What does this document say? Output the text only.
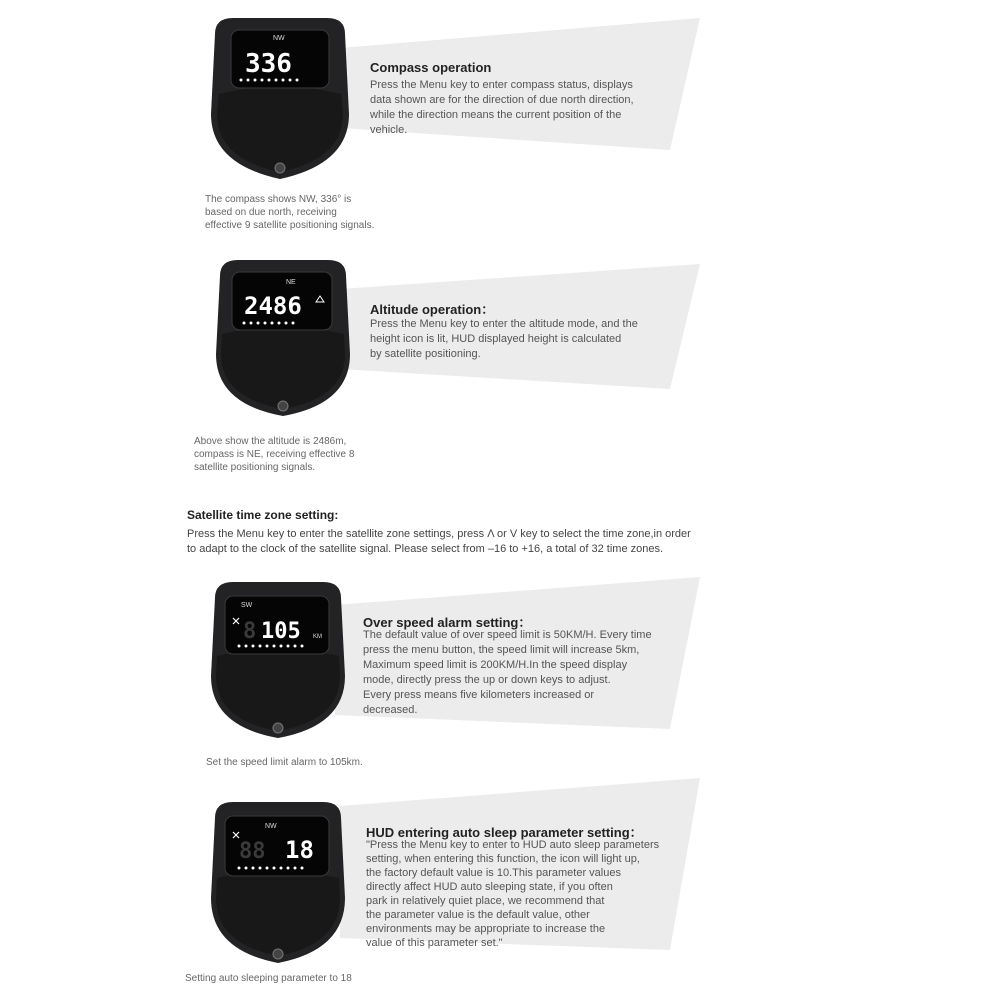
Compass operation
Press the Menu key to enter compass status, displays
data shown are for the direction of due north direction,
while the direction means the current position of the
vehicle.
NW
336
The compass shows NW, 336° is
based on due north, receiving
effective 9 satellite positioning signals.
Altitude operation：
Press the Menu key to enter the altitude mode, and the
height icon is lit, HUD displayed height is calculated
by satellite positioning.
NE
2486
Above show the altitude is 2486m,
compass is NE, receiving effective 8
satellite positioning signals.
Satellite time zone setting:
Press the Menu key to enter the satellite zone settings, press Λ or V key to select the time zone,in order
to adapt to the clock of the satellite signal. Please select from –16 to +16, a total of 32 time zones.
Over speed alarm setting：
The default value of over speed limit is 50KM/H. Every time
press the menu button, the speed limit will increase 5km,
Maximum speed limit is 200KM/H.In the speed display
mode, directly press the up or down keys to adjust.
Every press means five kilometers increased or
decreased.
SW
8 105 KM
Set the speed limit alarm to 105km.
HUD entering auto sleep parameter setting：
"Press the Menu key to enter to HUD auto sleep parameters
setting, when entering this function, the icon will light up,
the factory default value is 10.This parameter values
directly affect HUD auto sleeping state, if you often
park in relatively quiet place, we recommend that
the parameter value is the default value, other
environments may be appropriate to increase the
value of this parameter set."
NW
88 18
Setting auto sleeping parameter to 18
